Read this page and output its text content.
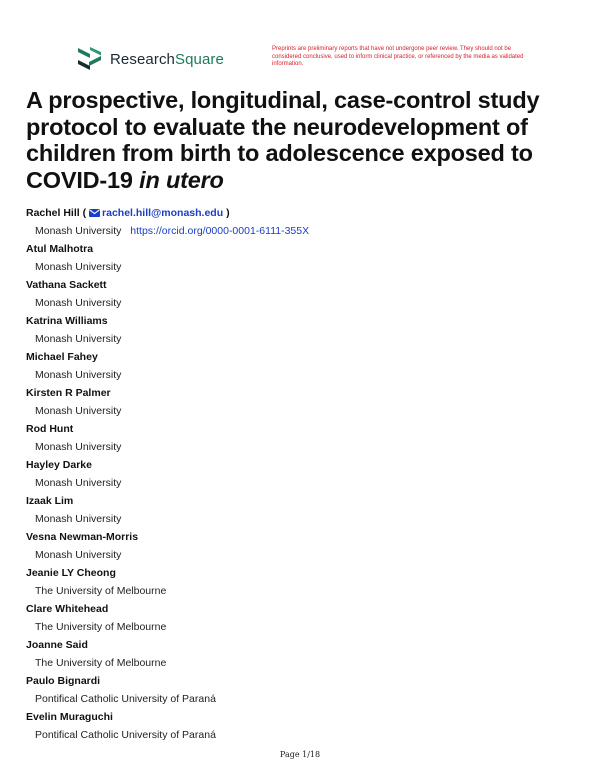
ResearchSquare
Preprints are preliminary reports that have not undergone peer review. They should not be considered conclusive, used to inform clinical practice, or referenced by the media as validated information.
A prospective, longitudinal, case-control study protocol to evaluate the neurodevelopment of children from birth to adolescence exposed to COVID-19 in utero
Rachel Hill ( rachel.hill@monash.edu )
Monash University https://orcid.org/0000-0001-6111-355X
Atul Malhotra
Monash University
Vathana Sackett
Monash University
Katrina Williams
Monash University
Michael Fahey
Monash University
Kirsten R Palmer
Monash University
Rod Hunt
Monash University
Hayley Darke
Monash University
Izaak Lim
Monash University
Vesna Newman-Morris
Monash University
Jeanie LY Cheong
The University of Melbourne
Clare Whitehead
The University of Melbourne
Joanne Said
The University of Melbourne
Paulo Bignardi
Pontifical Catholic University of Paraná
Evelin Muraguchi
Pontifical Catholic University of Paraná
Page 1/18
